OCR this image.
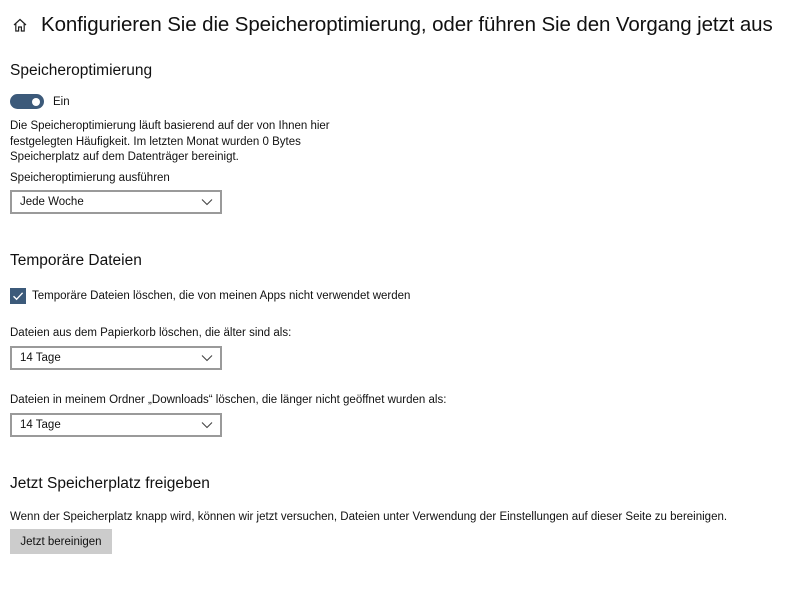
Konfigurieren Sie die Speicheroptimierung, oder führen Sie den Vorgang jetzt aus
Speicheroptimierung
Ein
Die Speicheroptimierung läuft basierend auf der von Ihnen hier
festgelegten Häufigkeit. Im letzten Monat wurden 0 Bytes
Speicherplatz auf dem Datenträger bereinigt.
Speicheroptimierung ausführen
Jede Woche
Temporäre Dateien
Temporäre Dateien löschen, die von meinen Apps nicht verwendet werden
Dateien aus dem Papierkorb löschen, die älter sind als:
14 Tage
Dateien in meinem Ordner „Downloads“ löschen, die länger nicht geöffnet wurden als:
14 Tage
Jetzt Speicherplatz freigeben
Wenn der Speicherplatz knapp wird, können wir jetzt versuchen, Dateien unter Verwendung der Einstellungen auf dieser Seite zu bereinigen.
Jetzt bereinigen
